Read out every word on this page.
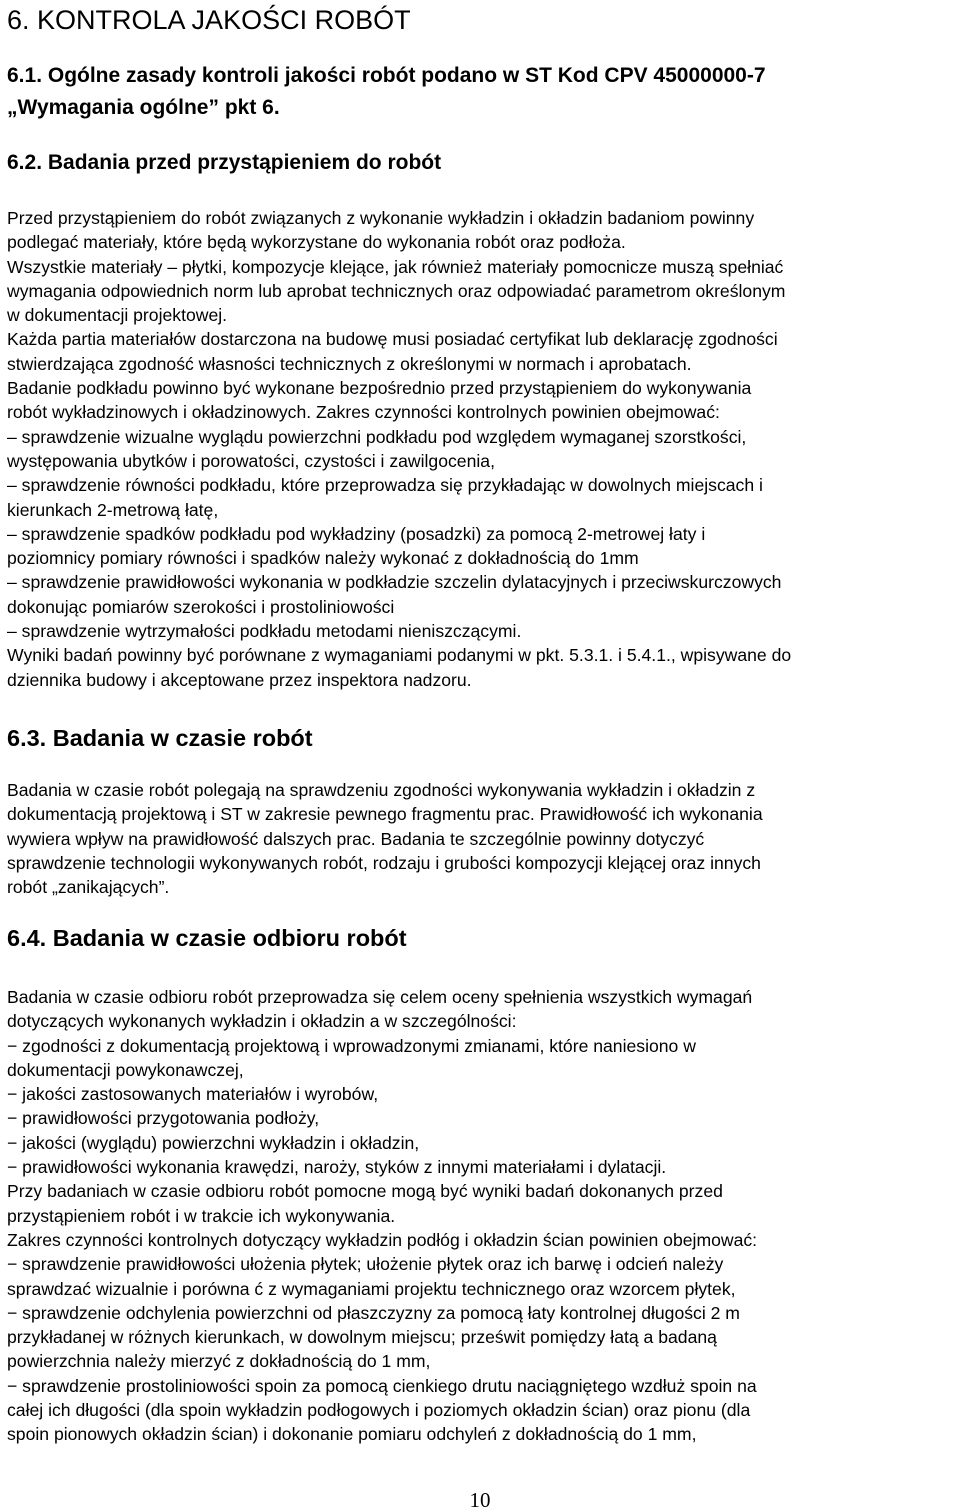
6. KONTROLA JAKOŚCI ROBÓT
6.1. Ogólne zasady kontroli jakości robót podano w ST Kod CPV 45000000-7
„Wymagania ogólne” pkt 6.
6.2. Badania przed przystąpieniem do robót

Przed przystąpieniem do robót związanych z wykonanie wykładzin i okładzin badaniom powinny

podlegać materiały, które będą wykorzystane do wykonania robót oraz podłoża.

Wszystkie materiały – płytki, kompozycje klejące, jak również materiały pomocnicze muszą spełniać

wymagania odpowiednich norm lub aprobat technicznych oraz odpowiadać parametrom określonym

w dokumentacji projektowej.

Każda partia materiałów dostarczona na budowę musi posiadać certyfikat lub deklarację zgodności

stwierdzająca zgodność własności technicznych z określonymi w normach i aprobatach.

Badanie podkładu powinno być wykonane bezpośrednio przed przystąpieniem do wykonywania

robót wykładzinowych i okładzinowych. Zakres czynności kontrolnych powinien obejmować:

– sprawdzenie wizualne wyglądu powierzchni podkładu pod względem wymaganej szorstkości,

występowania ubytków i porowatości, czystości i zawilgocenia,

– sprawdzenie równości podkładu, które przeprowadza się przykładając w dowolnych miejscach i

kierunkach 2-metrową łatę,

– sprawdzenie spadków podkładu pod wykładziny (posadzki) za pomocą 2-metrowej łaty i

poziomnicy pomiary równości i spadków należy wykonać z dokładnością do 1mm

– sprawdzenie prawidłowości wykonania w podkładzie szczelin dylatacyjnych i przeciwskurczowych

dokonując pomiarów szerokości i prostoliniowości

– sprawdzenie wytrzymałości podkładu metodami nieniszczącymi.

Wyniki badań powinny być porównane z wymaganiami podanymi w pkt. 5.3.1. i 5.4.1., wpisywane do

dziennika budowy i akceptowane przez inspektora nadzoru.

6.3. Badania w czasie robót

Badania w czasie robót polegają na sprawdzeniu zgodności wykonywania wykładzin i okładzin z

dokumentacją projektową i ST w zakresie pewnego fragmentu prac. Prawidłowość ich wykonania

wywiera wpływ na prawidłowość dalszych prac. Badania te szczególnie powinny dotyczyć

sprawdzenie technologii wykonywanych robót, rodzaju i grubości kompozycji klejącej oraz innych

robót „zanikających”.

6.4. Badania w czasie odbioru robót

Badania w czasie odbioru robót przeprowadza się celem oceny spełnienia wszystkich wymagań

dotyczących wykonanych wykładzin i okładzin a w szczególności:

− zgodności z dokumentacją projektową i wprowadzonymi zmianami, które naniesiono w

dokumentacji powykonawczej,

− jakości zastosowanych materiałów i wyrobów,

− prawidłowości przygotowania podłoży,

− jakości (wyglądu) powierzchni wykładzin i okładzin,

− prawidłowości wykonania krawędzi, naroży, styków z innymi materiałami i dylatacji.

Przy badaniach w czasie odbioru robót pomocne mogą być wyniki badań dokonanych przed

przystąpieniem robót i w trakcie ich wykonywania.

Zakres czynności kontrolnych dotyczący wykładzin podłóg i okładzin ścian powinien obejmować:

− sprawdzenie prawidłowości ułożenia płytek; ułożenie płytek oraz ich barwę i odcień należy

sprawdzać wizualnie i porówna ć z wymaganiami projektu technicznego oraz wzorcem płytek,

− sprawdzenie odchylenia powierzchni od płaszczyzny za pomocą łaty kontrolnej długości 2 m

przykładanej w różnych kierunkach, w dowolnym miejscu; prześwit pomiędzy łatą a badaną

powierzchnia należy mierzyć z dokładnością do 1 mm,

− sprawdzenie prostoliniowości spoin za pomocą cienkiego drutu naciągniętego wzdłuż spoin na

całej ich długości (dla spoin wykładzin podłogowych i poziomych okładzin ścian) oraz pionu (dla

spoin pionowych okładzin ścian) i dokonanie pomiaru odchyleń z dokładnością do 1 mm,

10
